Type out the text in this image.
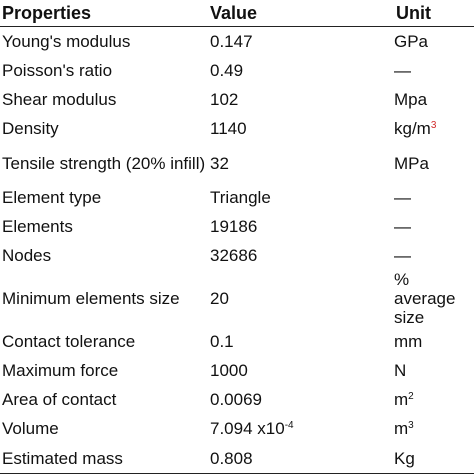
Properties	Value	Unit
Young's modulus	0.147	GPa
Poisson's ratio	0.49	—
Shear modulus	102	Mpa
Density	1140	$kg/m^3$
Tensile strength (20% infill)	32	MPa
Element type	Triangle	—
Elements	19186	—
Nodes	32686	—
Minimum elements size	20	% average size
Contact tolerance	0.1	mm
Maximum force	1000	N
Area of contact	0.0069	$m^2$
Volume	7.094 $x10^{-4}$	$m^3$
Estimated mass	0.808	Kg
